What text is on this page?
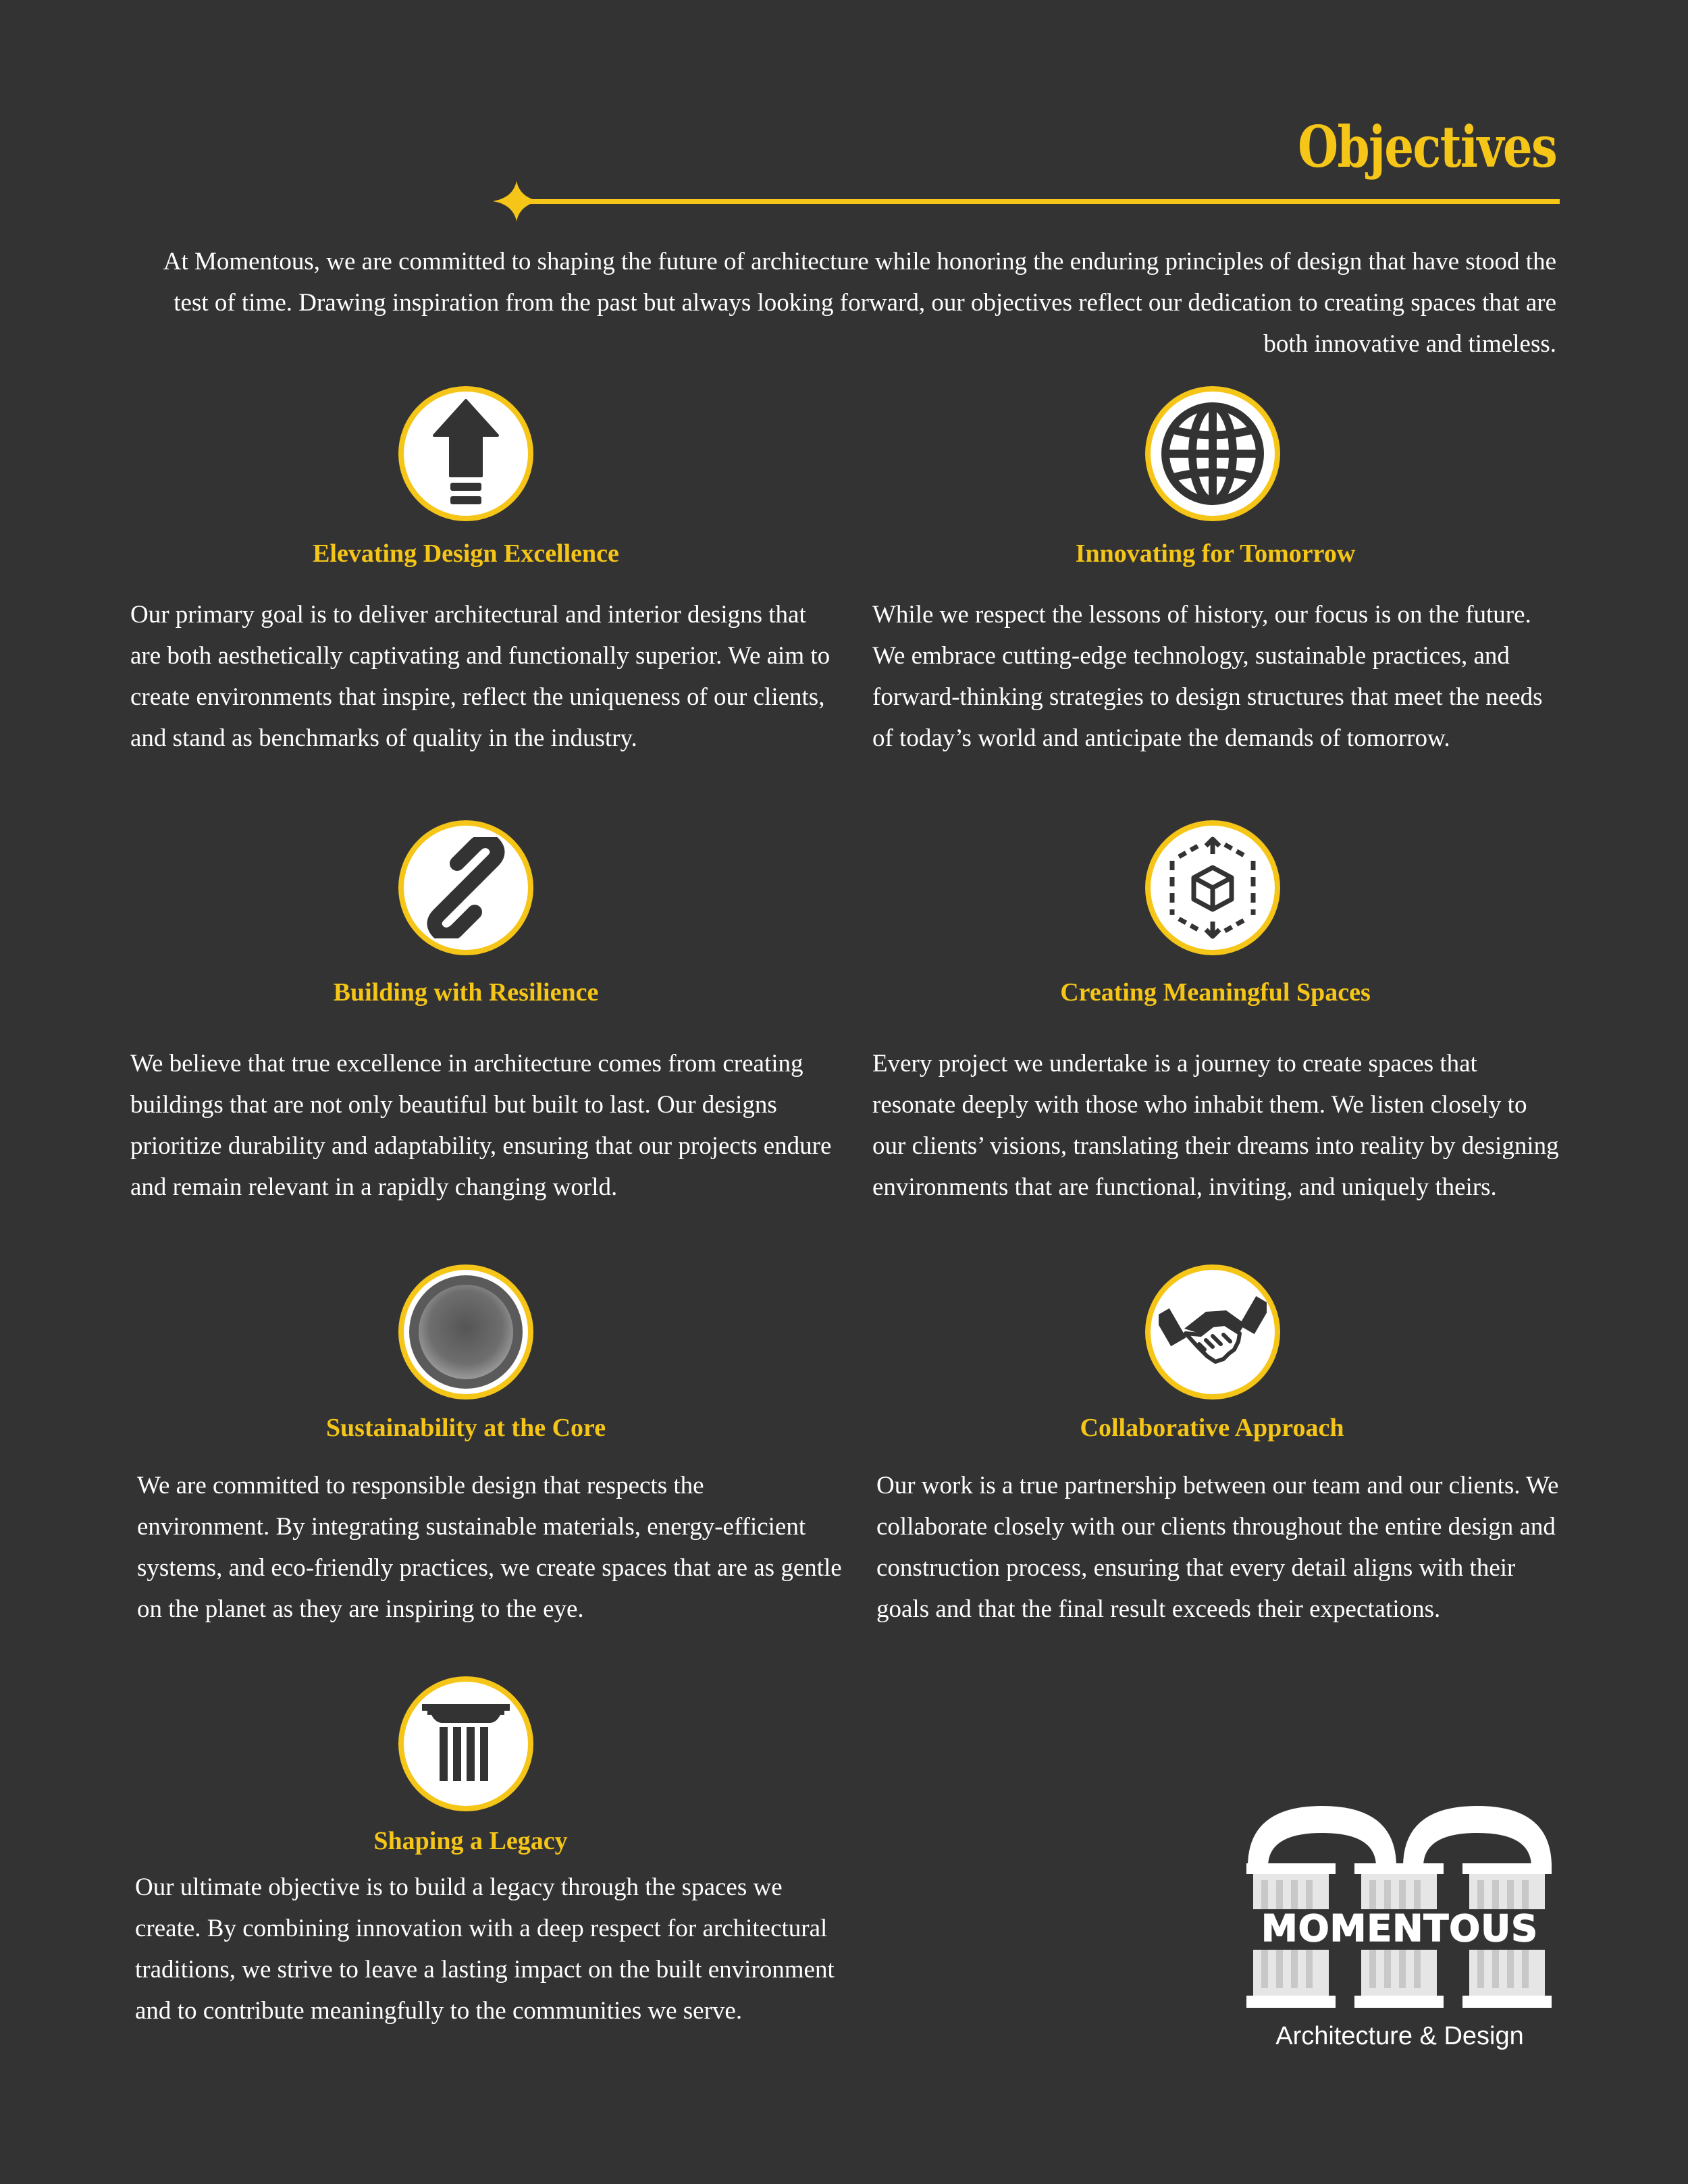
Objectives

At Momentous, we are committed to shaping the future of architecture while honoring the enduring principles of design that have stood the test of time. Drawing inspiration from the past but always looking forward, our objectives reflect our dedication to creating spaces that are both innovative and timeless.

Elevating Design Excellence

Our primary goal is to deliver architectural and interior designs that are both aesthetically captivating and functionally superior. We aim to create environments that inspire, reflect the uniqueness of our clients, and stand as benchmarks of quality in the industry.

Innovating for Tomorrow

While we respect the lessons of history, our focus is on the future. We embrace cutting-edge technology, sustainable practices, and forward-thinking strategies to design structures that meet the needs of today’s world and anticipate the demands of tomorrow.

Building with Resilience

We believe that true excellence in architecture comes from creating buildings that are not only beautiful but built to last. Our designs prioritize durability and adaptability, ensuring that our projects endure and remain relevant in a rapidly changing world.

Creating Meaningful Spaces

Every project we undertake is a journey to create spaces that resonate deeply with those who inhabit them. We listen closely to our clients’ visions, translating their dreams into reality by designing environments that are functional, inviting, and uniquely theirs.

Sustainability at the Core

We are committed to responsible design that respects the environment. By integrating sustainable materials, energy-efficient systems, and eco-friendly practices, we create spaces that are as gentle on the planet as they are inspiring to the eye.

Collaborative Approach

Our work is a true partnership between our team and our clients. We collaborate closely with our clients throughout the entire design and construction process, ensuring that every detail aligns with their goals and that the final result exceeds their expectations.

Shaping a Legacy

Our ultimate objective is to build a legacy through the spaces we create. By combining innovation with a deep respect for architectural traditions, we strive to leave a lasting impact on the built environment and to contribute meaningfully to the communities we serve.

MOMENTOUS

Architecture & Design
